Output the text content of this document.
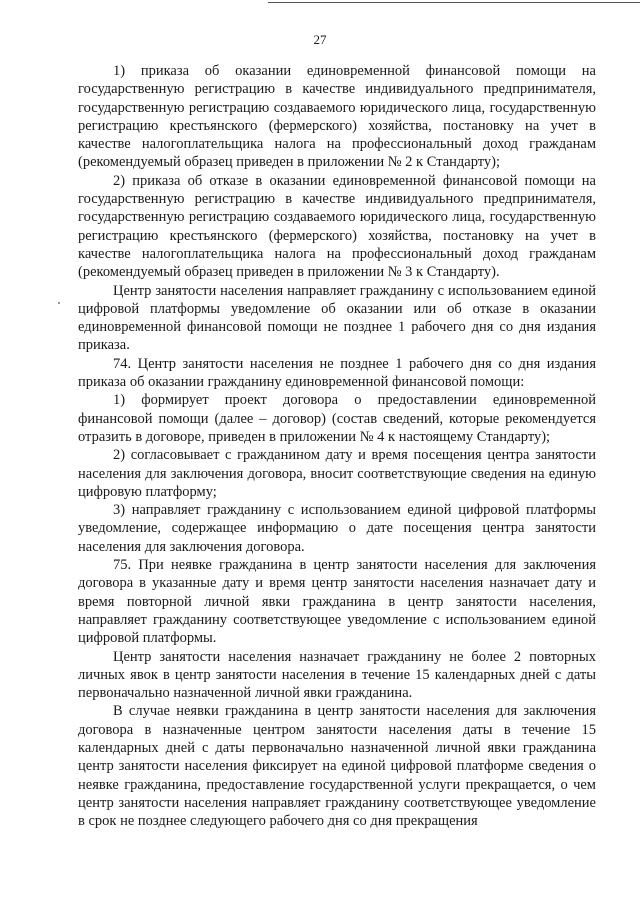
27

1) приказа об оказании единовременной финансовой помощи на государственную регистрацию в качестве индивидуального предпринимателя, государственную регистрацию создаваемого юридического лица, государственную регистрацию крестьянского (фермерского) хозяйства, постановку на учет в качестве налогоплательщика налога на профессиональный доход гражданам (рекомендуемый образец приведен в приложении № 2 к Стандарту);

2) приказа об отказе в оказании единовременной финансовой помощи на государственную регистрацию в качестве индивидуального предпринимателя, государственную регистрацию создаваемого юридического лица, государственную регистрацию крестьянского (фермерского) хозяйства, постановку на учет в качестве налогоплательщика налога на профессиональный доход гражданам (рекомендуемый образец приведен в приложении № 3 к Стандарту).

Центр занятости населения направляет гражданину с использованием единой цифровой платформы уведомление об оказании или об отказе в оказании единовременной финансовой помощи не позднее 1 рабочего дня со дня издания приказа.

74. Центр занятости населения не позднее 1 рабочего дня со дня издания приказа об оказании гражданину единовременной финансовой помощи:

1) формирует проект договора о предоставлении единовременной финансовой помощи (далее – договор) (состав сведений, которые рекомендуется отразить в договоре, приведен в приложении № 4 к настоящему Стандарту);

2) согласовывает с гражданином дату и время посещения центра занятости населения для заключения договора, вносит соответствующие сведения на единую цифровую платформу;

3) направляет гражданину с использованием единой цифровой платформы уведомление, содержащее информацию о дате посещения центра занятости населения для заключения договора.

75. При неявке гражданина в центр занятости населения для заключения договора в указанные дату и время центр занятости населения назначает дату и время повторной личной явки гражданина в центр занятости населения, направляет гражданину соответствующее уведомление с использованием единой цифровой платформы.

Центр занятости населения назначает гражданину не более 2 повторных личных явок в центр занятости населения в течение 15 календарных дней с даты первоначально назначенной личной явки гражданина.

В случае неявки гражданина в центр занятости населения для заключения договора в назначенные центром занятости населения даты в течение 15 календарных дней с даты первоначально назначенной личной явки гражданина центр занятости населения фиксирует на единой цифровой платформе сведения о неявке гражданина, предоставление государственной услуги прекращается, о чем центр занятости населения направляет гражданину соответствующее уведомление в срок не позднее следующего рабочего дня со дня прекращения
